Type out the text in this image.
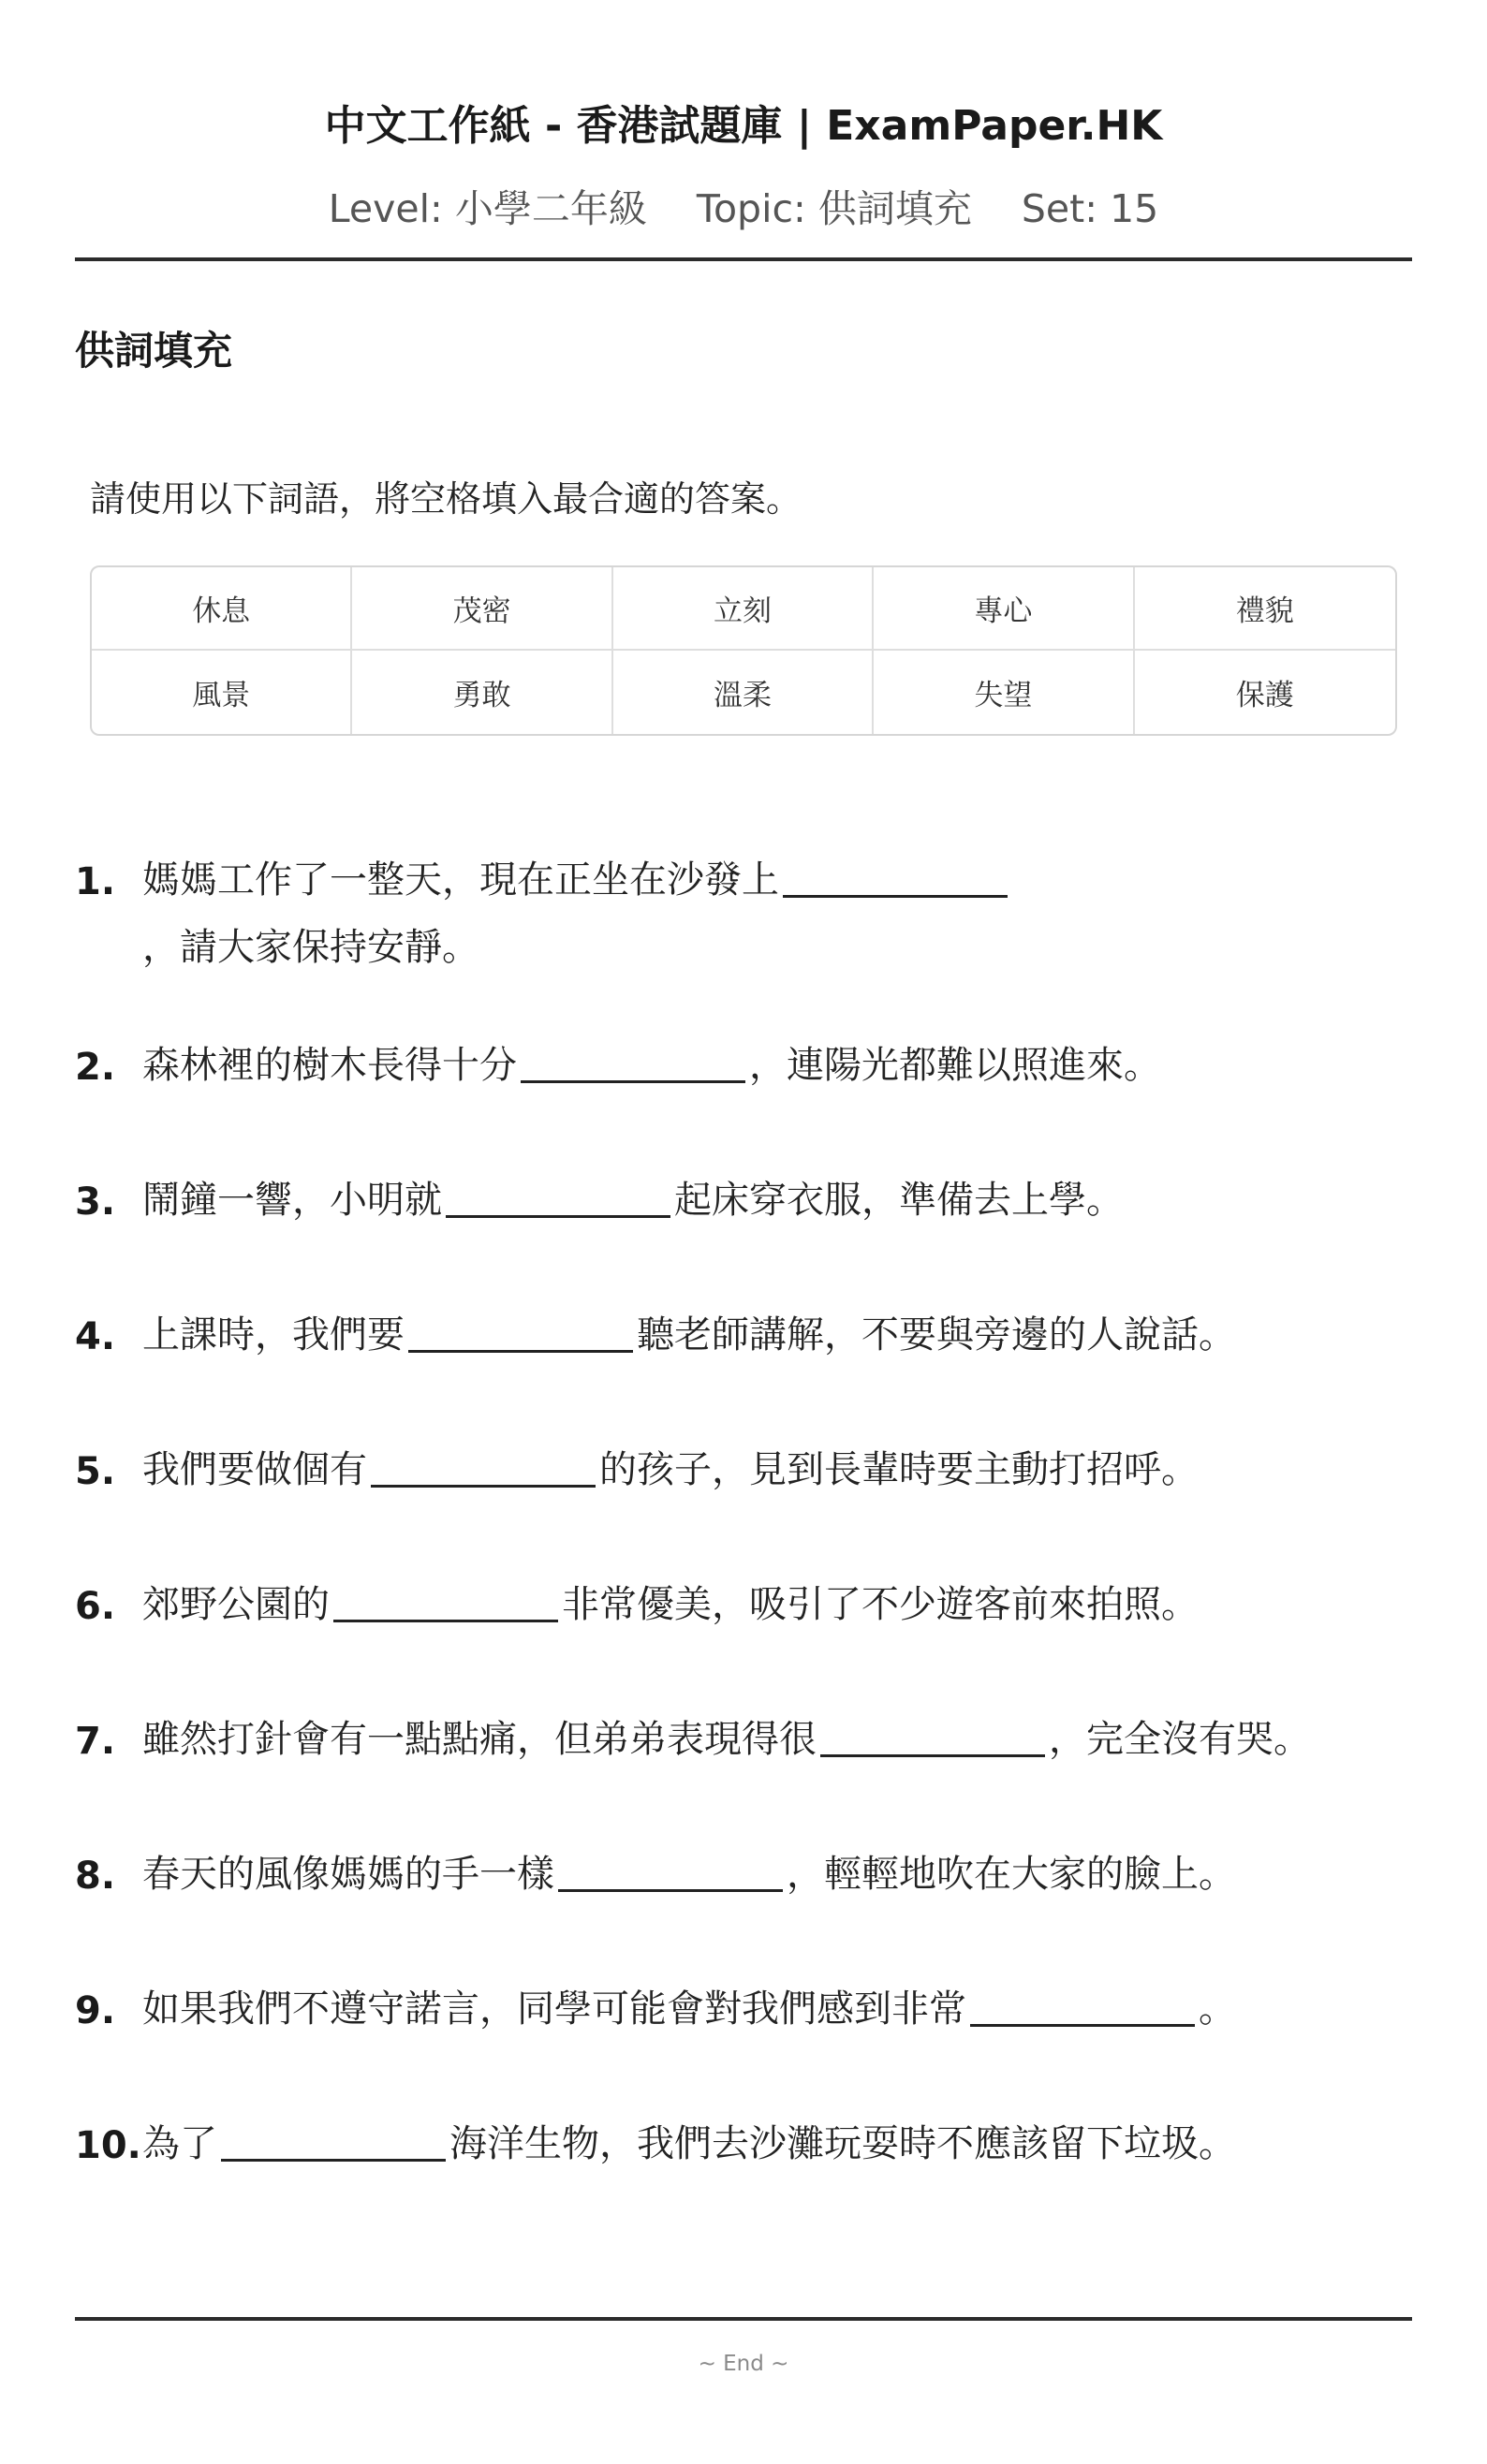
中文工作紙 - 香港試題庫 | ExamPaper.HK
Level: 小學二年級 Topic: 供詞填充 Set: 15
供詞填充
請使用以下詞語，將空格填入最合適的答案。
休息	茂密	立刻	專心	禮貌
風景	勇敢	溫柔	失望	保護
1. 媽媽工作了一整天，現在正坐在沙發上
，請大家保持安靜。
2. 森林裡的樹木長得十分	，連陽光都難以照進來。
3. 鬧鐘一響，小明就	起床穿衣服，準備去上學。
4. 上課時，我們要	聽老師講解，不要與旁邊的人說話。
5. 我們要做個有	的孩子，見到長輩時要主動打招呼。
6. 郊野公園的	非常優美，吸引了不少遊客前來拍照。
7. 雖然打針會有一點點痛，但弟弟表現得很	，完全沒有哭。
8. 春天的風像媽媽的手一樣	，輕輕地吹在大家的臉上。
9. 如果我們不遵守諾言，同學可能會對我們感到非常	。
10. 為了	海洋生物，我們去沙灘玩耍時不應該留下垃圾。
~ End ~
